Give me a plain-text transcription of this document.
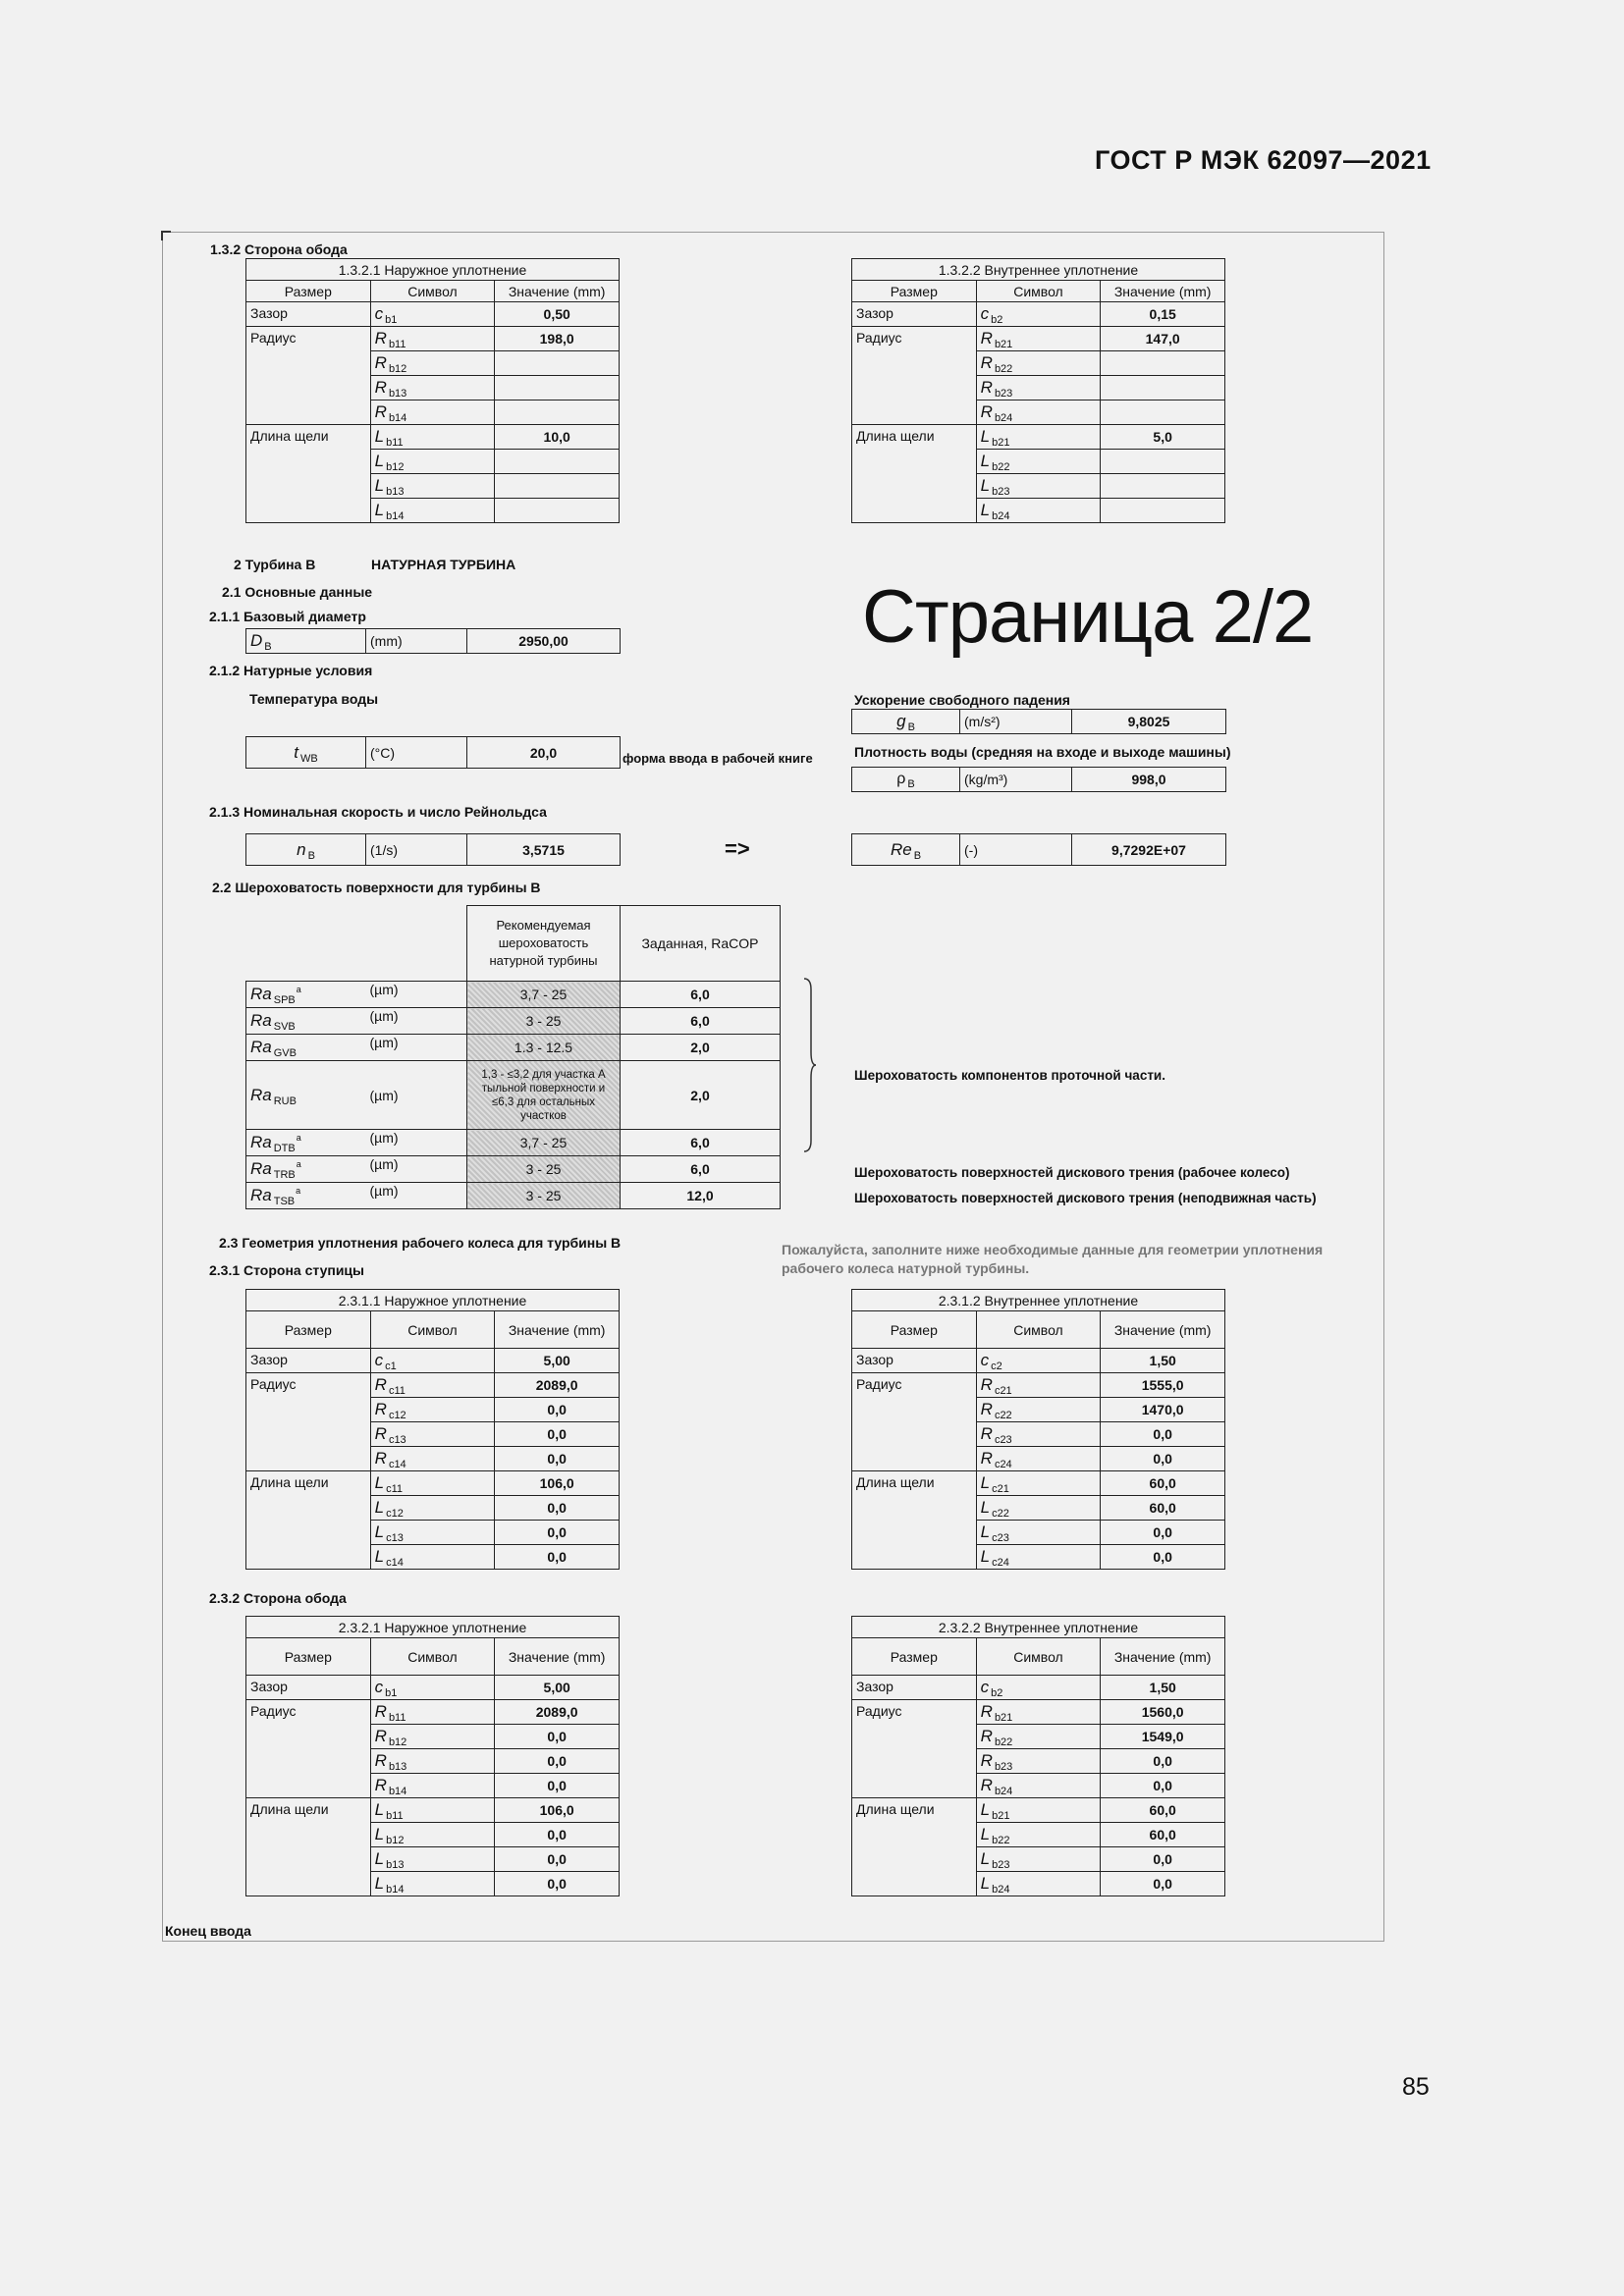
ГОСТ Р МЭК 62097—2021
85
Страница 2/2
1.3.2 Сторона обода
1.3.2.1 Наружное уплотнение		
Размер	Символ	Значение (mm)
Зазор	c $_{b1}$	0,50
Радиус	R $_{b11}$	198,0
	R $_{b12}$	
	R $_{b13}$	
	R $_{b14}$	
Длина щели	L $_{b11}$	10,0
	L $_{b12}$	
	L $_{b13}$	
	L $_{b14}$	
1.3.2.2 Внутреннее уплотнение		
Размер	Символ	Значение (mm)
Зазор	c $_{b2}$	0,15
Радиус	R $_{b21}$	147,0
	R $_{b22}$	
	R $_{b23}$	
	R $_{b24}$	
Длина щели	L $_{b21}$	5,0
	L $_{b22}$	
	L $_{b23}$	
	L $_{b24}$	
2 Турбина B	НАТУРНАЯ ТУРБИНА
2.1 Основные данные
2.1.1 Базовый диаметр
D $_B$	(mm)	2950,00
2.1.2 Натурные условия
Температура воды
t $_{WB}$	(°C)	20,0	форма ввода в рабочей книге
Ускорение свободного падения
g $_B$	(m/s²)	9,8025
Плотность воды (средняя на входе и выходе машины)
ρ $_B$	(kg/m³)	998,0
2.1.3 Номинальная скорость и число Рейнольдса
n $_B$	(1/s)	3,5715	=>	Re $_B$	(-)	9,7292E+07
2.2 Шероховатость поверхности для турбины B
		Рекомендуемая шероховатость натурной турбины	Заданная, RaCOP
Ra $_{SPB}^a$	(µm)	3,7 - 25	6,0
Ra $_{SVB}$	(µm)	3 - 25	6,0
Ra $_{GVB}$	(µm)	1.3 - 12.5	2,0
Ra $_{RUB}$	(µm)	1,3 - ≤3,2 для участка А тыльной поверхности и ≤6,3 для остальных участков	2,0
Ra $_{DTB}^a$	(µm)	3,7 - 25	6,0
Ra $_{TRB}^a$	(µm)	3 - 25	6,0
Ra $_{TSB}^a$	(µm)	3 - 25	12,0
Шероховатость компонентов проточной части.
Шероховатость поверхностей дискового трения (рабочее колесо)
Шероховатость поверхностей дискового трения (неподвижная часть)
2.3 Геометрия уплотнения рабочего колеса для турбины B	Пожалуйста, заполните ниже необходимые данные для геометрии уплотнения рабочего колеса натурной турбины.
2.3.1 Сторона ступицы
2.3.1.1 Наружное уплотнение		
Размер	Символ	Значение (mm)
Зазор	c $_{c1}$	5,00
Радиус	R $_{c11}$	2089,0
	R $_{c12}$	0,0
	R $_{c13}$	0,0
	R $_{c14}$	0,0
Длина щели	L $_{c11}$	106,0
	L $_{c12}$	0,0
	L $_{c13}$	0,0
	L $_{c14}$	0,0
2.3.1.2 Внутреннее уплотнение		
Размер	Символ	Значение (mm)
Зазор	c $_{c2}$	1,50
Радиус	R $_{c21}$	1555,0
	R $_{c22}$	1470,0
	R $_{c23}$	0,0
	R $_{c24}$	0,0
Длина щели	L $_{c21}$	60,0
	L $_{c22}$	60,0
	L $_{c23}$	0,0
	L $_{c24}$	0,0
2.3.2 Сторона обода
2.3.2.1 Наружное уплотнение		
Размер	Символ	Значение (mm)
Зазор	c $_{b1}$	5,00
Радиус	R $_{b11}$	2089,0
	R $_{b12}$	0,0
	R $_{b13}$	0,0
	R $_{b14}$	0,0
Длина щели	L $_{b11}$	106,0
	L $_{b12}$	0,0
	L $_{b13}$	0,0
	L $_{b14}$	0,0
2.3.2.2 Внутреннее уплотнение		
Размер	Символ	Значение (mm)
Зазор	c $_{b2}$	1,50
Радиус	R $_{b21}$	1560,0
	R $_{b22}$	1549,0
	R $_{b23}$	0,0
	R $_{b24}$	0,0
Длина щели	L $_{b21}$	60,0
	L $_{b22}$	60,0
	L $_{b23}$	0,0
	L $_{b24}$	0,0
Конец ввода
